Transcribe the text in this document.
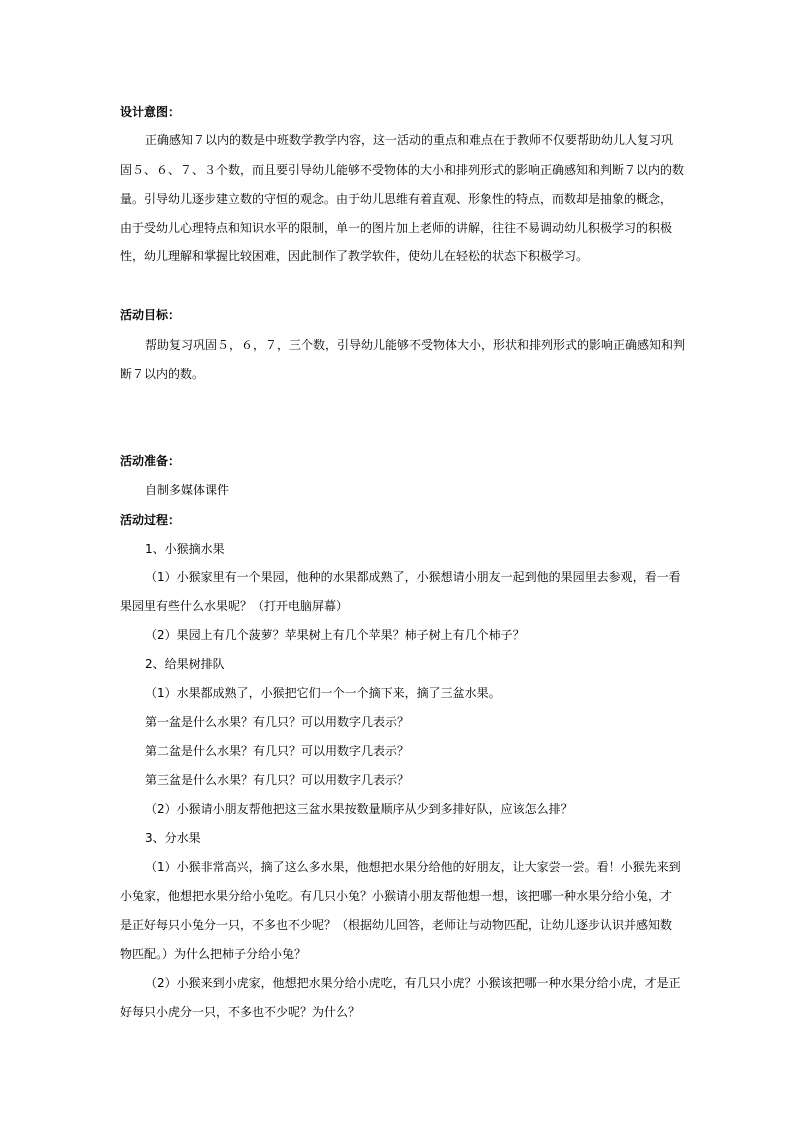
设计意图：
正确感知７以内的数是中班数学教学内容，这一活动的重点和难点在于教师不仅要帮助幼儿人复习巩
固５、６、７、３个数，而且要引导幼儿能够不受物体的大小和排列形式的影响正确感知和判断７以内的数
量。引导幼儿逐步建立数的守恒的观念。由于幼儿思维有着直观、形象性的特点，而数却是抽象的概念，
由于受幼儿心理特点和知识水平的限制，单一的图片加上老师的讲解，往往不易调动幼儿积极学习的积极
性，幼儿理解和掌握比较困难，因此制作了教学软件，使幼儿在轻松的状态下积极学习。
活动目标：
帮助复习巩固５，６，７，三个数，引导幼儿能够不受物体大小，形状和排列形式的影响正确感知和判
断７以内的数。
活动准备：
自制多媒体课件
活动过程：
1、小猴摘水果
（1）小猴家里有一个果园，他种的水果都成熟了，小猴想请小朋友一起到他的果园里去参观，看一看
果园里有些什么水果呢？（打开电脑屏幕）
（2）果园上有几个菠萝？苹果树上有几个苹果？柿子树上有几个柿子？
2、给果树排队
（1）水果都成熟了，小猴把它们一个一个摘下来，摘了三盆水果。
第一盆是什么水果？有几只？可以用数字几表示？
第二盆是什么水果？有几只？可以用数字几表示？
第三盆是什么水果？有几只？可以用数字几表示？
（2）小猴请小朋友帮他把这三盆水果按数量顺序从少到多排好队，应该怎么排？
3、分水果
（1）小猴非常高兴，摘了这么多水果，他想把水果分给他的好朋友，让大家尝一尝。看！小猴先来到
小兔家，他想把水果分给小兔吃。有几只小兔？小猴请小朋友帮他想一想，该把哪一种水果分给小兔，才
是正好每只小兔分一只，不多也不少呢？（根据幼儿回答，老师让与动物匹配，让幼儿逐步认识并感知数
物匹配。）为什么把柿子分给小兔？
（2）小猴来到小虎家，他想把水果分给小虎吃，有几只小虎？小猴该把哪一种水果分给小虎，才是正
好每只小虎分一只，不多也不少呢？为什么？
